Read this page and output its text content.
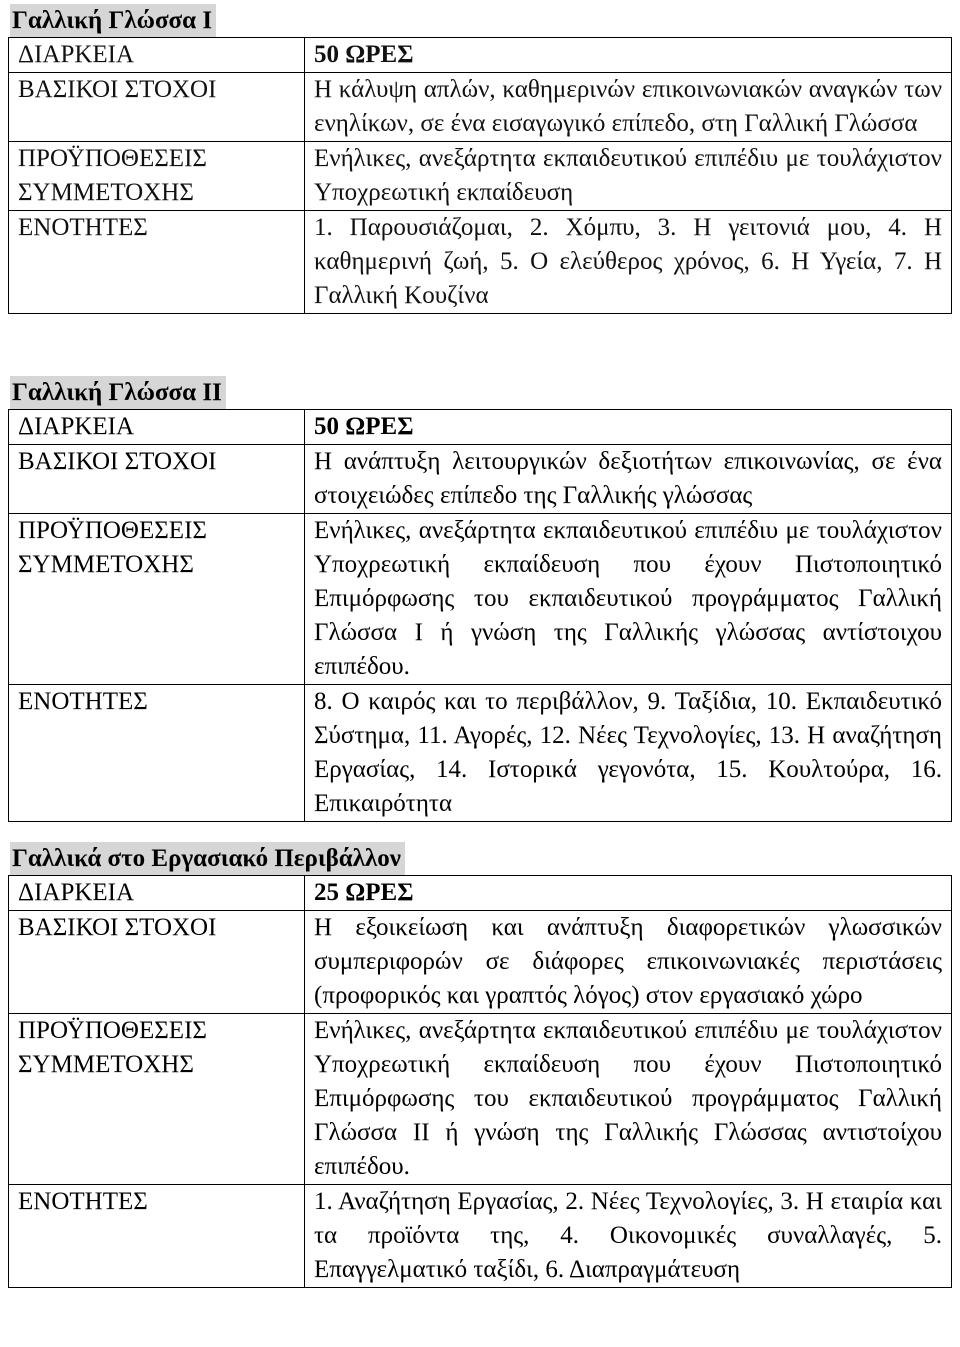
Γαλλική Γλώσσα Ι
ΔΙΑΡΚΕΙΑ	50 ΩΡΕΣ
ΒΑΣΙΚΟΙ ΣΤΟΧΟΙ	Η κάλυψη απλών, καθημερινών επικοινωνιακών αναγκών των ενηλίκων, σε ένα εισαγωγικό επίπεδο, στη Γαλλική Γλώσσα
ΠΡΟΫΠΟΘΕΣΕΙΣ ΣΥΜΜΕΤΟΧΗΣ	Ενήλικες, ανεξάρτητα εκπαιδευτικού επιπέδιυ με τουλάχιστον Υποχρεωτική εκπαίδευση
ΕΝΟΤΗΤΕΣ	1. Παρουσιάζομαι, 2. Χόμπυ, 3. Η γειτονιά μου, 4. Η καθημερινή ζωή, 5. Ο ελεύθερος χρόνος, 6. Η Υγεία, 7. Η Γαλλική Κουζίνα
Γαλλική Γλώσσα ΙΙ
ΔΙΑΡΚΕΙΑ	50 ΩΡΕΣ
ΒΑΣΙΚΟΙ ΣΤΟΧΟΙ	Η ανάπτυξη λειτουργικών δεξιοτήτων επικοινωνίας, σε ένα στοιχειώδες επίπεδο της Γαλλικής γλώσσας
ΠΡΟΫΠΟΘΕΣΕΙΣ ΣΥΜΜΕΤΟΧΗΣ	Ενήλικες, ανεξάρτητα εκπαιδευτικού επιπέδιυ με τουλάχιστον Υποχρεωτική εκπαίδευση που έχουν Πιστοποιητικό Επιμόρφωσης του εκπαιδευτικού προγράμματος Γαλλική Γλώσσα Ι ή γνώση της Γαλλικής γλώσσας αντίστοιχου επιπέδου.
ΕΝΟΤΗΤΕΣ	8. Ο καιρός και το περιβάλλον, 9. Ταξίδια, 10. Εκπαιδευτικό Σύστημα, 11. Αγορές, 12. Νέες Τεχνολογίες, 13. Η αναζήτηση Εργασίας, 14. Ιστορικά γεγονότα, 15. Κουλτούρα, 16. Επικαιρότητα
Γαλλικά στο Εργασιακό Περιβάλλον
ΔΙΑΡΚΕΙΑ	25 ΩΡΕΣ
ΒΑΣΙΚΟΙ ΣΤΟΧΟΙ	Η εξοικείωση και ανάπτυξη διαφορετικών γλωσσικών συμπεριφορών σε διάφορες επικοινωνιακές περιστάσεις (προφορικός και γραπτός λόγος) στον εργασιακό χώρο
ΠΡΟΫΠΟΘΕΣΕΙΣ ΣΥΜΜΕΤΟΧΗΣ	Ενήλικες, ανεξάρτητα εκπαιδευτικού επιπέδιυ με τουλάχιστον Υποχρεωτική εκπαίδευση που έχουν Πιστοποιητικό Επιμόρφωσης του εκπαιδευτικού προγράμματος Γαλλική Γλώσσα ΙΙ ή γνώση της Γαλλικής Γλώσσας αντιστοίχου επιπέδου.
ΕΝΟΤΗΤΕΣ	1. Αναζήτηση Εργασίας, 2. Νέες Τεχνολογίες, 3. Η εταιρία και τα προϊόντα της, 4. Οικονομικές συναλλαγές, 5. Επαγγελματικό ταξίδι, 6. Διαπραγμάτευση
